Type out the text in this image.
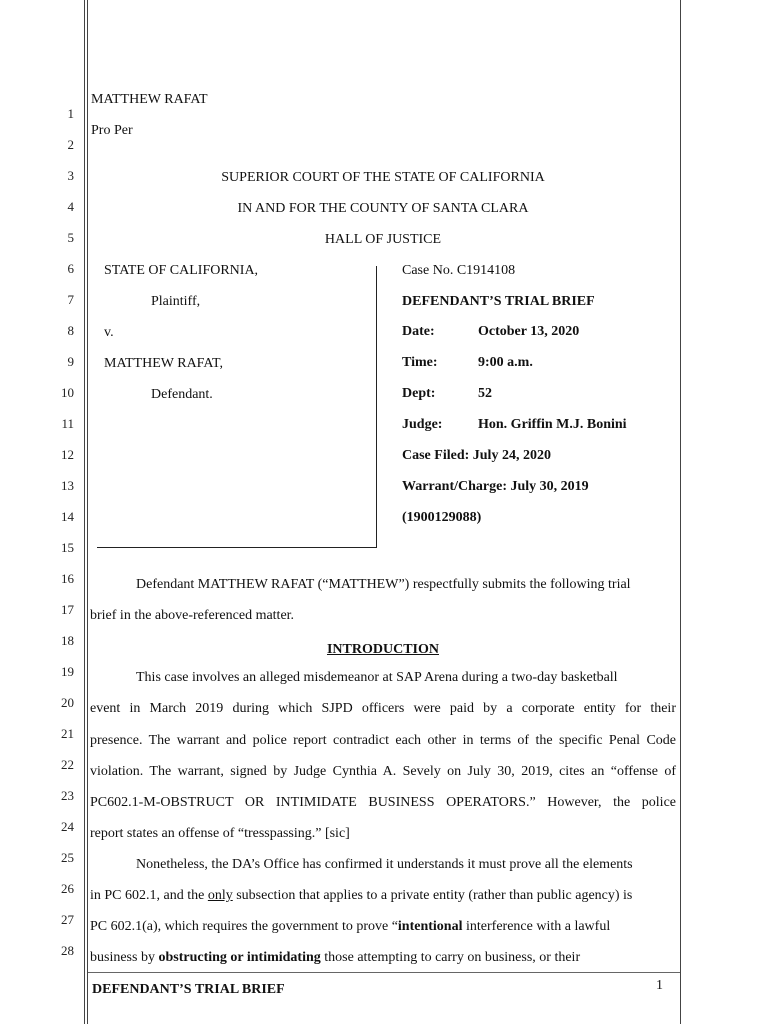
1
2
3
4
5
6
7
8
9
10
11
12
13
14
15
16
17
18
19
20
21
22
23
24
25
26
27
28
MATTHEW RAFAT
Pro Per
SUPERIOR COURT OF THE STATE OF CALIFORNIA
IN AND FOR THE COUNTY OF SANTA CLARA
HALL OF JUSTICE
STATE OF CALIFORNIA,
Plaintiff,
v.
MATTHEW RAFAT,
Defendant.
Case No. C1914108
DEFENDANT’S TRIAL BRIEF
Date:	October 13, 2020
Time:	9:00 a.m.
Dept:	52
Judge:	Hon. Griffin M.J. Bonini
Case Filed: July 24, 2020
Warrant/Charge: July 30, 2019
(1900129088)
Defendant MATTHEW RAFAT (“MATTHEW”) respectfully submits the following trial
brief in the above-referenced matter.
INTRODUCTION
This case involves an alleged misdemeanor at SAP Arena during a two-day basketball
event in March 2019 during which SJPD officers were paid by a corporate entity for their
presence. The warrant and police report contradict each other in terms of the specific Penal Code
violation. The warrant, signed by Judge Cynthia A. Sevely on July 30, 2019, cites an “offense of
PC602.1-M-OBSTRUCT OR INTIMIDATE BUSINESS OPERATORS.” However, the police
report states an offense of “tresspassing.” [sic]
Nonetheless, the DA’s Office has confirmed it understands it must prove all the elements
in PC 602.1, and the only subsection that applies to a private entity (rather than public agency) is
PC 602.1(a), which requires the government to prove “intentional interference with a lawful
business by obstructing or intimidating those attempting to carry on business, or their
DEFENDANT’S TRIAL BRIEF	1
